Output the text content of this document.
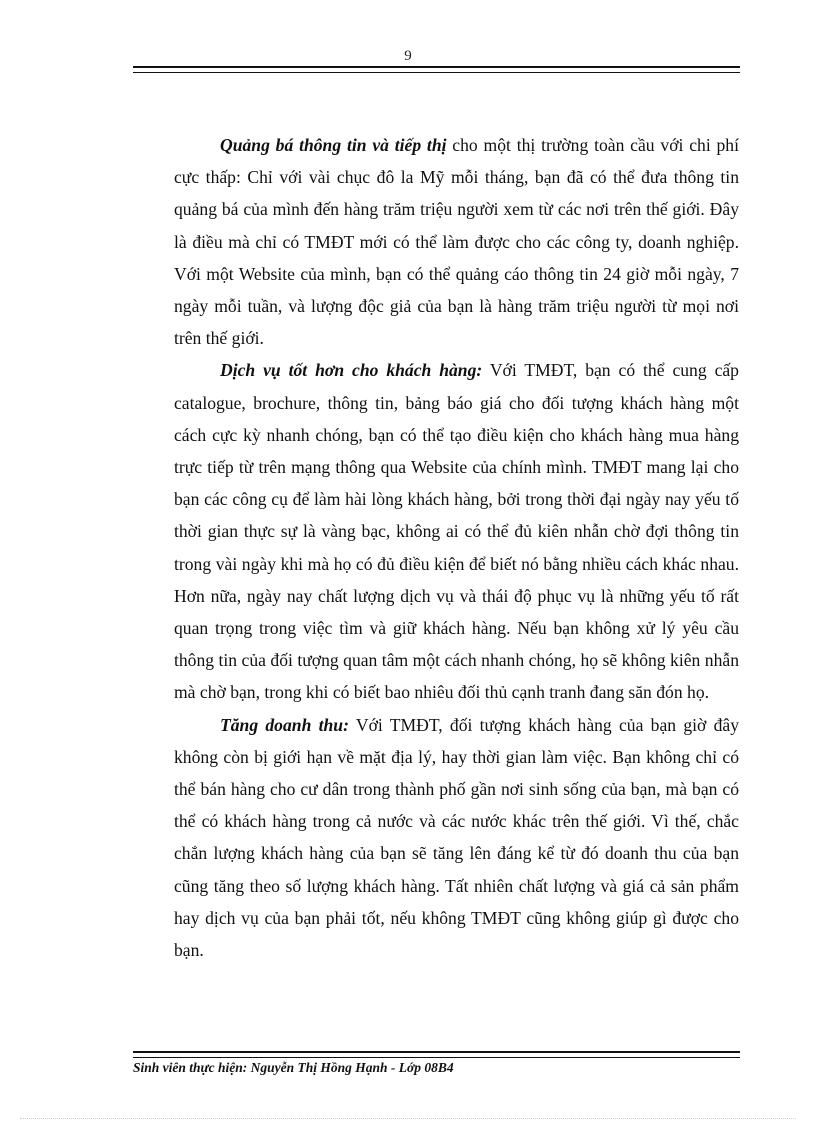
9

Quảng bá thông tin và tiếp thị cho một thị trường toàn cầu với chi phí cực thấp: Chỉ với vài chục đô la Mỹ mỗi tháng, bạn đã có thể đưa thông tin quảng bá của mình đến hàng trăm triệu người xem từ các nơi trên thế giới. Đây là điều mà chỉ có TMĐT mới có thể làm được cho các công ty, doanh nghiệp. Với một Website của mình, bạn có thể quảng cáo thông tin 24 giờ mỗi ngày, 7 ngày mỗi tuần, và lượng độc giả của bạn là hàng trăm triệu người từ mọi nơi trên thế giới.

Dịch vụ tốt hơn cho khách hàng: Với TMĐT, bạn có thể cung cấp catalogue, brochure, thông tin, bảng báo giá cho đối tượng khách hàng một cách cực kỳ nhanh chóng, bạn có thể tạo điều kiện cho khách hàng mua hàng trực tiếp từ trên mạng thông qua Website của chính mình. TMĐT mang lại cho bạn các công cụ để làm hài lòng khách hàng, bởi trong thời đại ngày nay yếu tố thời gian thực sự là vàng bạc, không ai có thể đủ kiên nhẫn chờ đợi thông tin trong vài ngày khi mà họ có đủ điều kiện để biết nó bằng nhiều cách khác nhau. Hơn nữa, ngày nay chất lượng dịch vụ và thái độ phục vụ là những yếu tố rất quan trọng trong việc tìm và giữ khách hàng. Nếu bạn không xử lý yêu cầu thông tin của đối tượng quan tâm một cách nhanh chóng, họ sẽ không kiên nhẫn mà chờ bạn, trong khi có biết bao nhiêu đối thủ cạnh tranh đang săn đón họ.

Tăng doanh thu: Với TMĐT, đối tượng khách hàng của bạn giờ đây không còn bị giới hạn về mặt địa lý, hay thời gian làm việc. Bạn không chỉ có thể bán hàng cho cư dân trong thành phố gần nơi sinh sống của bạn, mà bạn có thể có khách hàng trong cả nước và các nước khác trên thế giới. Vì thế, chắc chắn lượng khách hàng của bạn sẽ tăng lên đáng kể từ đó doanh thu của bạn cũng tăng theo số lượng khách hàng. Tất nhiên chất lượng và giá cả sản phẩm hay dịch vụ của bạn phải tốt, nếu không TMĐT cũng không giúp gì được cho bạn.

Sinh viên thực hiện: Nguyễn Thị Hồng Hạnh - Lớp 08B4
